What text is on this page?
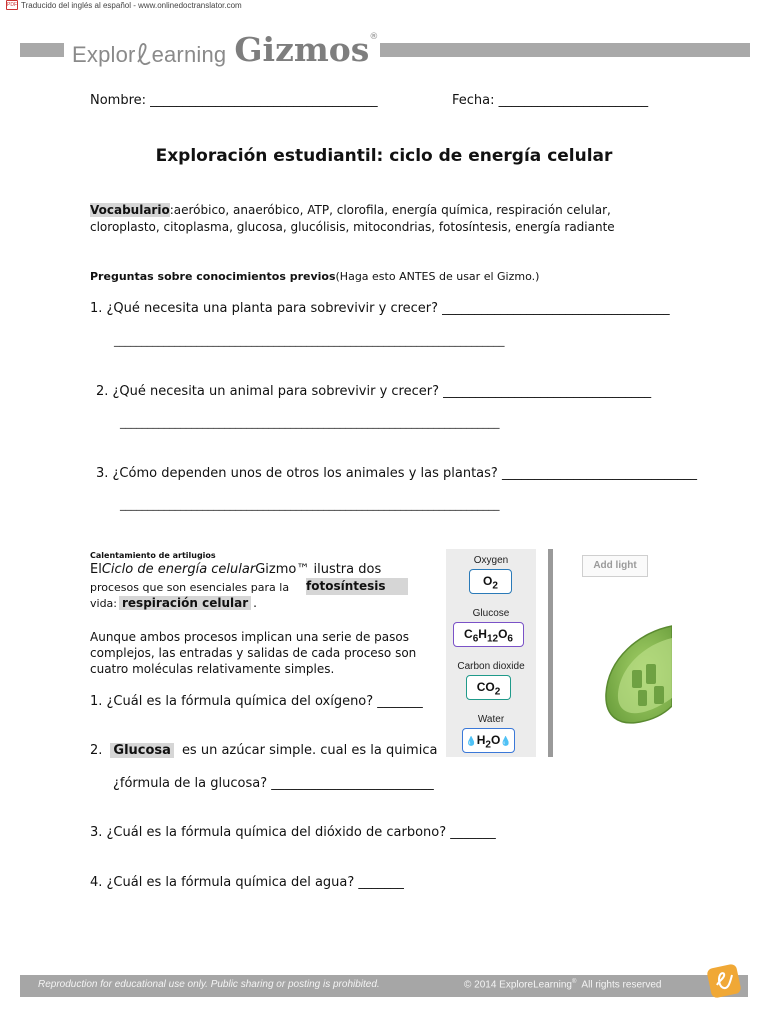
PDF Traducido del inglés al español - www.onlinedoctranslator.com
Explor earning Gizmos ®
Nombre: ___________________________________	Fecha: _______________________
Exploración estudiantil: ciclo de energía celular
Vocabulario:aeróbico, anaeróbico, ATP, clorofila, energía química, respiración celular,
cloroplasto, citoplasma, glucosa, glucólisis, mitocondrias, fotosíntesis, energía radiante
Preguntas sobre conocimientos previos(Haga esto ANTES de usar el Gizmo.)
1. ¿Qué necesita una planta para sobrevivir y crecer? ___________________________________
_______________________________________________________________________
2. ¿Qué necesita un animal para sobrevivir y crecer? ________________________________
_____________________________________________________________________
3. ¿Cómo dependen unos de otros los animales y las plantas? ______________________________
_____________________________________________________________________
Calentamiento de artilugios
ElCiclo de energía celularGizmo™ ilustra dos
procesos que son esenciales para la fotosíntesis
vida: respiración celular .
Aunque ambos procesos implican una serie de pasos
complejos, las entradas y salidas de cada proceso son
cuatro moléculas relativamente simples.
1. ¿Cuál es la fórmula química del oxígeno? _______
2. Glucosa es un azúcar simple. cual es la quimica
¿fórmula de la glucosa? _________________________
3. ¿Cuál es la fórmula química del dióxido de carbono? _______
4. ¿Cuál es la fórmula química del agua? _______
Oxygen
$O_2$
Glucose
$C_6H_{12}O_6$
Carbon dioxide
$CO_2$
Water
$💧H_2O💧$
Add light
Reproduction for educational use only. Public sharing or posting is prohibited.	© 2014 ExploreLearning®  All rights reserved
